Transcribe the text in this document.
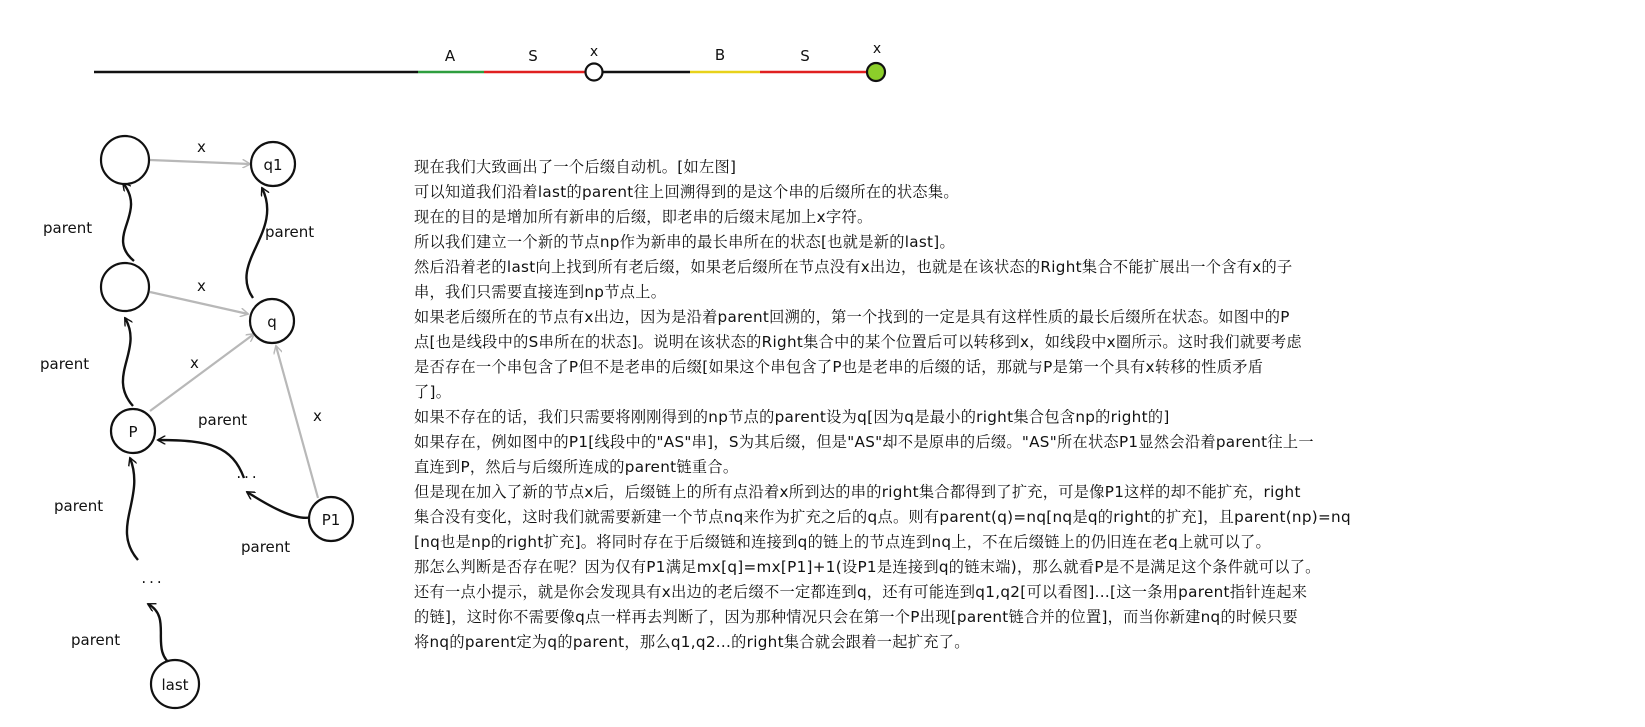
A	S	x	B	S	x
q1
q
P
P1
last
...
...
parent
parent
parent
parent
parent
parent
parent
x
x
x
x

现在我们大致画出了一个后缀自动机。[如左图]

可以知道我们沿着last的parent往上回溯得到的是这个串的后缀所在的状态集。

现在的目的是增加所有新串的后缀，即老串的后缀末尾加上x字符。

所以我们建立一个新的节点np作为新串的最长串所在的状态[也就是新的last]。

然后沿着老的last向上找到所有老后缀，如果老后缀所在节点没有x出边，也就是在该状态的Right集合不能扩展出一个含有x的子

串，我们只需要直接连到np节点上。

如果老后缀所在的节点有x出边，因为是沿着parent回溯的，第一个找到的一定是具有这样性质的最长后缀所在状态。如图中的P

点[也是线段中的S串所在的状态]。说明在该状态的Right集合中的某个位置后可以转移到x，如线段中x圈所示。这时我们就要考虑

是否存在一个串包含了P但不是老串的后缀[如果这个串包含了P也是老串的后缀的话，那就与P是第一个具有x转移的性质矛盾

了]。

如果不存在的话，我们只需要将刚刚得到的np节点的parent设为q[因为q是最小的right集合包含np的right的]

如果存在，例如图中的P1[线段中的"AS"串]，S为其后缀，但是"AS"却不是原串的后缀。"AS"所在状态P1显然会沿着parent往上一

直连到P，然后与后缀所连成的parent链重合。

但是现在加入了新的节点x后，后缀链上的所有点沿着x所到达的串的right集合都得到了扩充，可是像P1这样的却不能扩充，right

集合没有变化，这时我们就需要新建一个节点nq来作为扩充之后的q点。则有parent(q)=nq[nq是q的right的扩充]，且parent(np)=nq

[nq也是np的right扩充]。将同时存在于后缀链和连接到q的链上的节点连到nq上，不在后缀链上的仍旧连在老q上就可以了。

那怎么判断是否存在呢？因为仅有P1满足mx[q]=mx[P1]+1(设P1是连接到q的链末端)，那么就看P是不是满足这个条件就可以了。

还有一点小提示，就是你会发现具有x出边的老后缀不一定都连到q，还有可能连到q1,q2[可以看图]...[这一条用parent指针连起来

的链]，这时你不需要像q点一样再去判断了，因为那种情况只会在第一个P出现[parent链合并的位置]，而当你新建nq的时候只要

将nq的parent定为q的parent，那么q1,q2...的right集合就会跟着一起扩充了。
